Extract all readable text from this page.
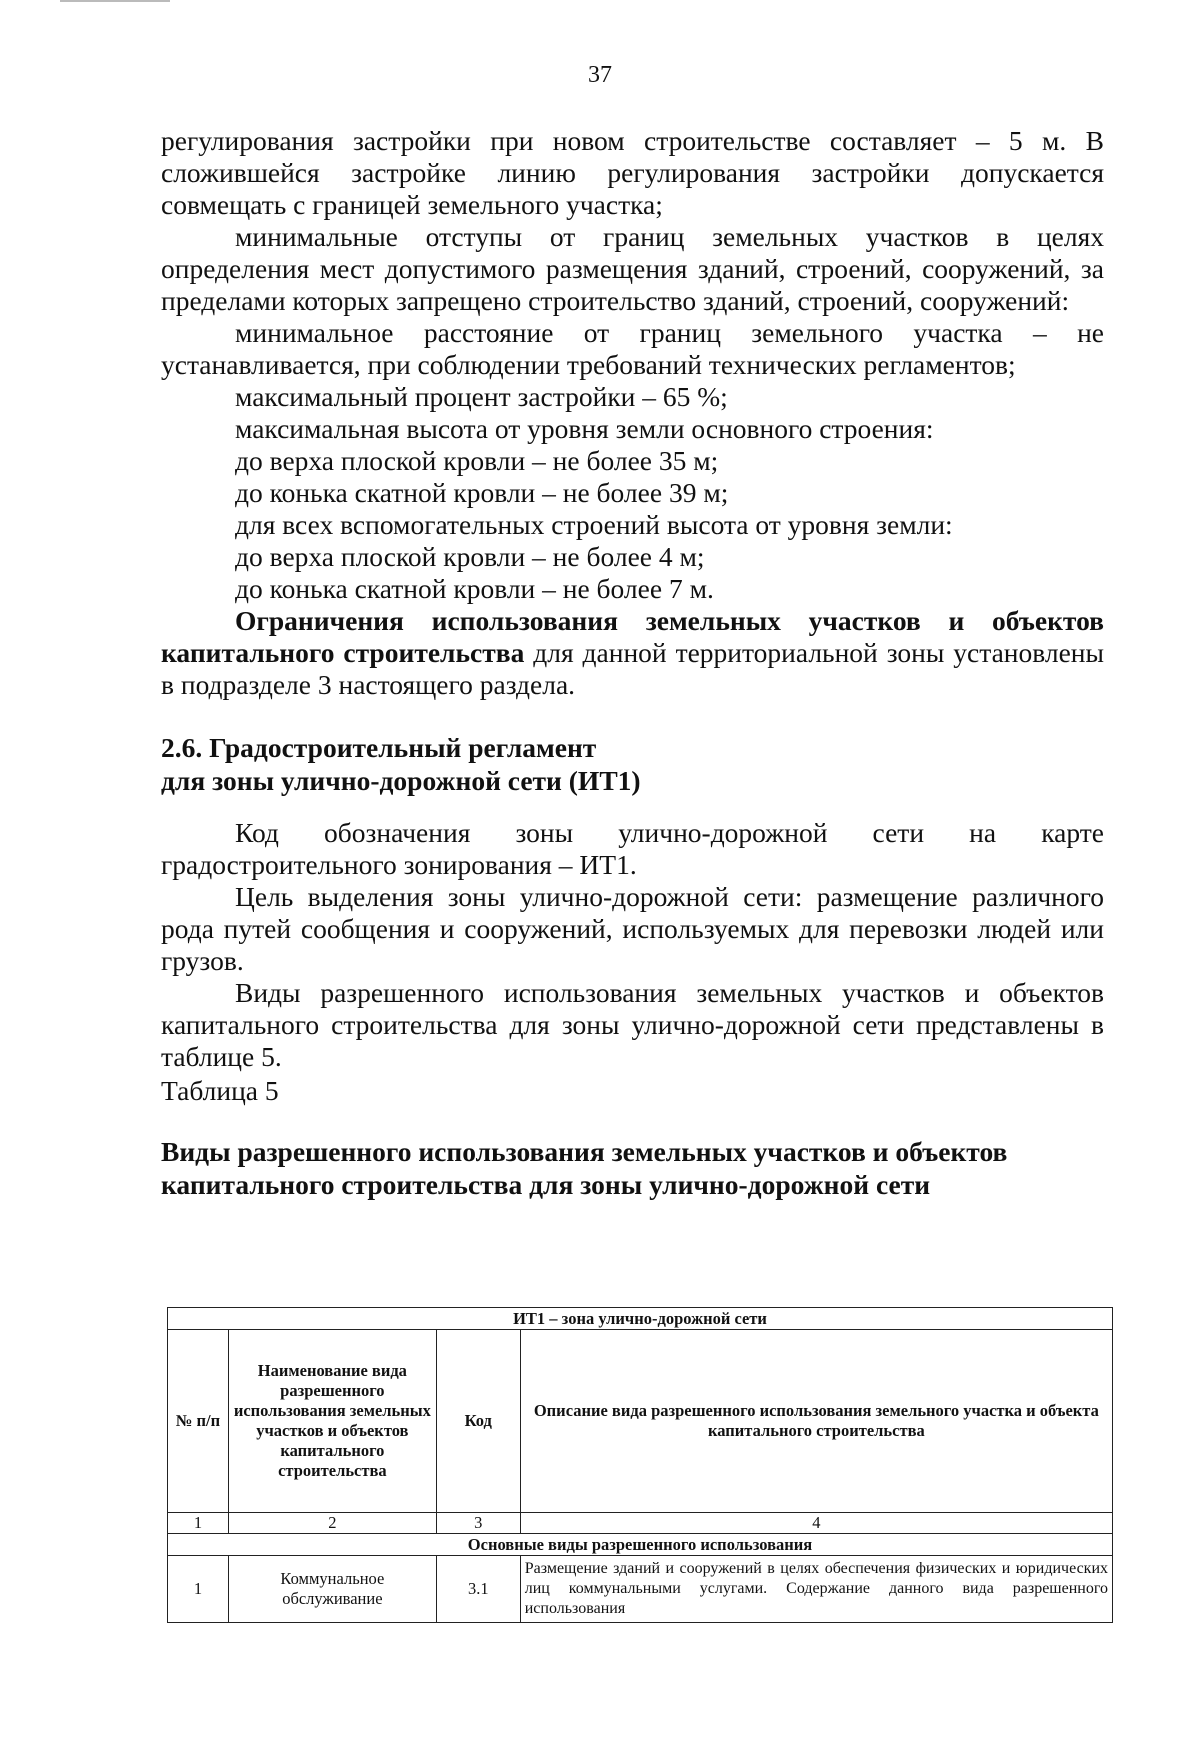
37

регулирования застройки при новом строительстве составляет – 5 м. В сложившейся застройке линию регулирования застройки допускается совмещать с границей земельного участка;

минимальные отступы от границ земельных участков в целях определения мест допустимого размещения зданий, строений, сооружений, за пределами которых запрещено строительство зданий, строений, сооружений:

минимальное расстояние от границ земельного участка – не устанавливается, при соблюдении требований технических регламентов;

максимальный процент застройки – 65 %;

максимальная высота от уровня земли основного строения:

до верха плоской кровли – не более 35 м;

до конька скатной кровли – не более 39 м;

для всех вспомогательных строений высота от уровня земли:

до верха плоской кровли – не более 4 м;

до конька скатной кровли – не более 7 м.

Ограничения использования земельных участков и объектов капитального строительства для данной территориальной зоны установлены в подразделе 3 настоящего раздела.

2.6. Градостроительный регламент
для зоны улично-дорожной сети (ИТ1)

Код обозначения зоны улично-дорожной сети на карте градостроительного зонирования – ИТ1.

Цель выделения зоны улично-дорожной сети: размещение различного рода путей сообщения и сооружений, используемых для перевозки людей или грузов.

Виды разрешенного использования земельных участков и объектов капитального строительства для зоны улично-дорожной сети представлены в таблице 5.

Таблица 5

Виды разрешенного использования земельных участков и объектов
капитального строительства для зоны улично-дорожной сети

ИТ1 – зона улично-дорожной сети			
№ п/п	Наименование вида разрешенного использования земельных участков и объектов капитального строительства	Код	Описание вида разрешенного использования земельного участка и объекта капитального строительства
1	2	3	4
Основные виды разрешенного использования			
1	Коммунальное обслуживание	3.1	Размещение зданий и сооружений в целях обеспечения физических и юридических лиц коммунальными услугами. Содержание данного вида разрешенного использования
